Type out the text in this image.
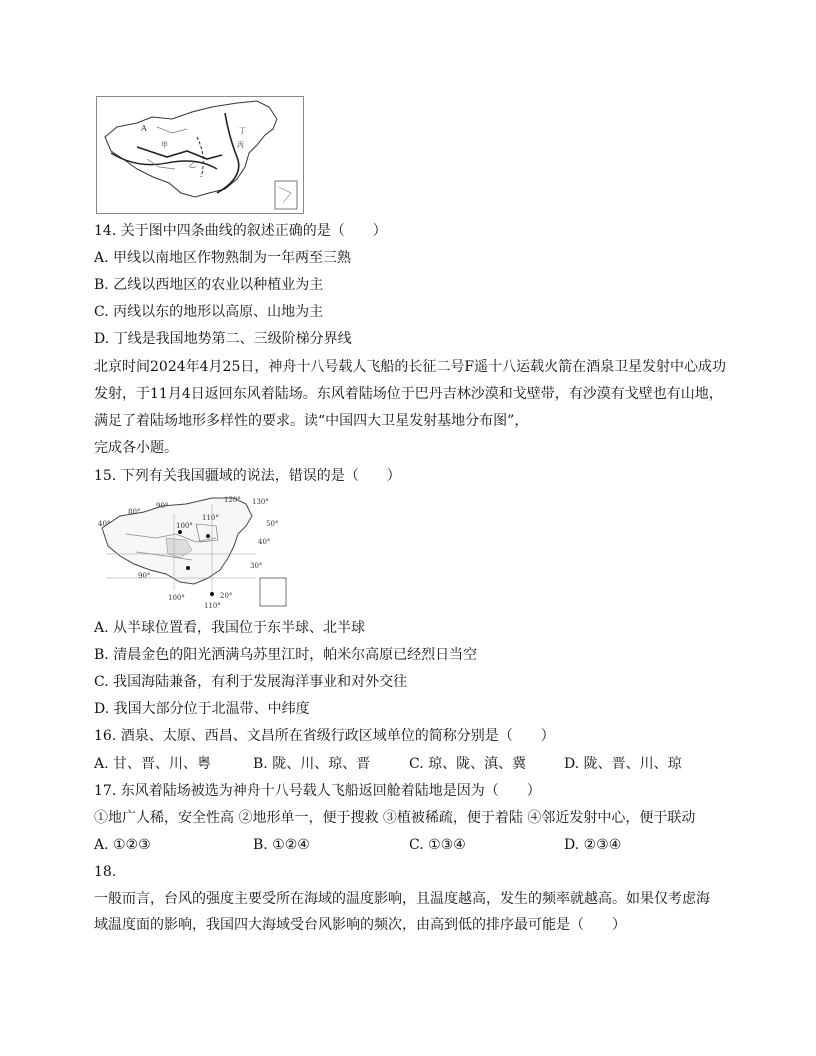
A
甲
乙
丙
丁
14. 关于图中四条曲线的叙述正确的是（　　）
A. 甲线以南地区作物熟制为一年两至三熟
B. 乙线以西地区的农业以种植业为主
C. 丙线以东的地形以高原、山地为主
D. 丁线是我国地势第二、三级阶梯分界线
北京时间2024年4月25日，神舟十八号载人飞船的长征二号F遥十八运载火箭在酒泉卫星发射中心成功
发射，于11月4日返回东风着陆场。东风着陆场位于巴丹吉林沙漠和戈壁带，有沙漠有戈壁也有山地，
满足了着陆场地形多样性的要求。读“中国四大卫星发射基地分布图”，
完成各小题。
15. 下列有关我国疆域的说法，错误的是（　　）
40°
80°
90°
100°
110°
120° 130°
50°
40°
30°
20°
90°
100°
110°
A. 从半球位置看，我国位于东半球、北半球
B. 清晨金色的阳光洒满乌苏里江时，帕米尔高原已经烈日当空
C. 我国海陆兼备，有利于发展海洋事业和对外交往
D. 我国大部分位于北温带、中纬度
16. 酒泉、太原、西昌、文昌所在省级行政区域单位的简称分别是（　　）
A. 甘、晋、川、粤	B. 陇、川、琼、晋	C. 琼、陇、滇、冀	D. 陇、晋、川、琼
17. 东风着陆场被选为神舟十八号载人飞船返回舱着陆地是因为（　　）
①地广人稀，安全性高 ②地形单一，便于搜救 ③植被稀疏，便于着陆 ④邻近发射中心，便于联动
A. ①②③	B. ①②④	C. ①③④	D. ②③④
18.
一般而言，台风的强度主要受所在海域的温度影响，且温度越高，发生的频率就越高。如果仅考虑海
域温度面的影响，我国四大海域受台风影响的频次，由高到低的排序最可能是（　　）
